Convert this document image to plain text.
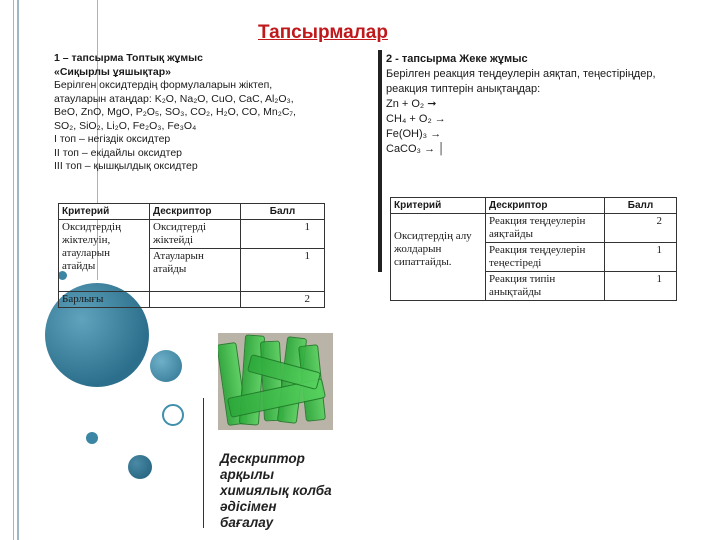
Тапсырмалар
1 – тапсырма Топтық жұмыс
«Сиқырлы ұяшықтар»
Берілген оксидтердің формулаларын жіктеп,
атауларын атаңдар: K₂O, Na₂O, CuO, CaC, Al₂O₃,
BeO, ZnO, MgO, P₂O₅, SO₃, CO₂, H₂O, CO, Mn₂C₇,
SO₂, SiO₂, Li₂O, Fe₂O₃, Fe₃O₄
I топ – негіздік оксидтер
II топ – екідайлы оксидтер
III топ – қышқылдық оксидтер
Критерий	Дескриптор	Балл
Оксидтердің жіктелуін, атауларын атайды	Оксидтерді жіктейді	1
	Атауларын атайды	1
Барлығы		2
2 - тапсырма Жеке жұмыс
Берілген реакция теңдеулерін аяқтап, теңестіріңдер,
реакция типтерін анықтаңдар:
Zn + O₂ ➞
CH₄ + O₂ →
Fe(OH)₃ →
CaCO₃ → │
Критерий	Дескриптор	Балл
Оксидтердің алу жолдарын сипаттайды.	Реакция теңдеулерін аяқтайды	2
	Реакция теңдеулерін теңестіреді	1
	Реакция типін анықтайды	1
Дескриптор арқылы химиялық колба әдісімен бағалау
